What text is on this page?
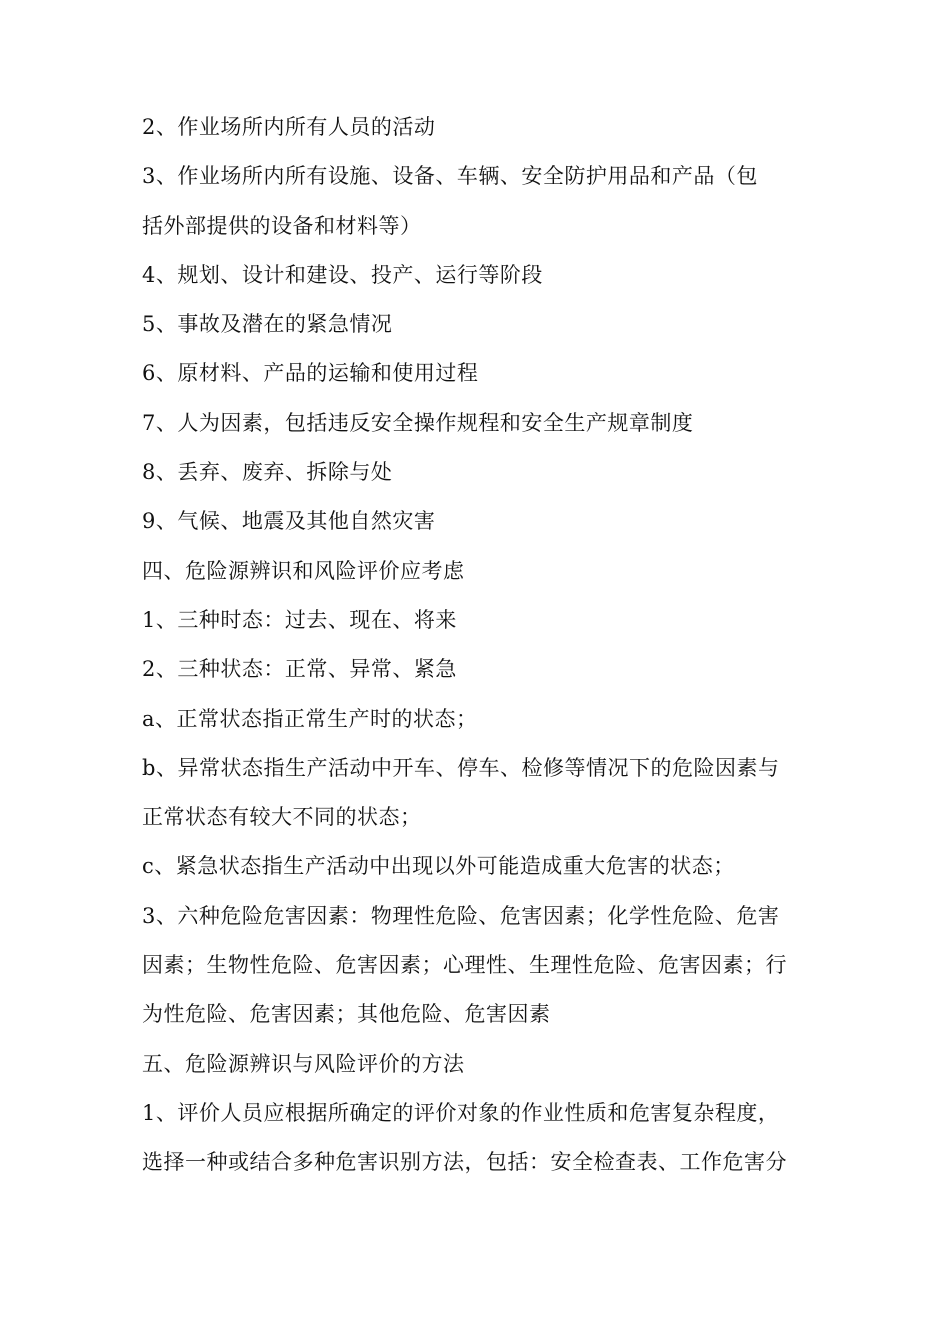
2、作业场所内所有人员的活动

3、作业场所内所有设施、设备、车辆、安全防护用品和产品（包

括外部提供的设备和材料等）

4、规划、设计和建设、投产、运行等阶段

5、事故及潜在的紧急情况

6、原材料、产品的运输和使用过程

7、人为因素，包括违反安全操作规程和安全生产规章制度

8、丢弃、废弃、拆除与处

9、气候、地震及其他自然灾害

四、危险源辨识和风险评价应考虑

1、三种时态：过去、现在、将来

2、三种状态：正常、异常、紧急

a、正常状态指正常生产时的状态；

b、异常状态指生产活动中开车、停车、检修等情况下的危险因素与

正常状态有较大不同的状态；

c、紧急状态指生产活动中出现以外可能造成重大危害的状态；

3、六种危险危害因素：物理性危险、危害因素；化学性危险、危害

因素；生物性危险、危害因素；心理性、生理性危险、危害因素；行

为性危险、危害因素；其他危险、危害因素

五、危险源辨识与风险评价的方法

1、评价人员应根据所确定的评价对象的作业性质和危害复杂程度，

选择一种或结合多种危害识别方法，包括：安全检查表、工作危害分
